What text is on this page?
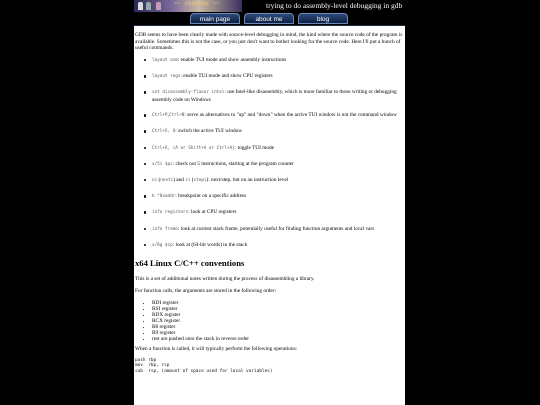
~~ chocobo ~~	trying to do assembly-level debugging in gdb
main page	about me	blog

GDB seems to have been clearly made with source-level debugging in mind, the kind where the source code of the program is available. Sometimes this is not the case, or you just don't want to bother looking for the source code. Here I'll put a bunch of useful commands.

layout asm: enable TUI mode and show assembly instructions
layout regs: enable TUI mode and show CPU registers
set disassembly-flavor intel: use Intel-like disassembly, which is more familiar to those writing or debugging assembly code on Windows
Ctrl+P,Ctrl+N: serve as alternatives to "up" and "down" when the active TUI window is not the command window
Ctrl+X, O: switch the active TUI window
Ctrl+X, (A or Shift+A or Ctrl+A): toggle TUI mode
x/5i $pc: check out 5 instructions, starting at the program counter
ni (nexti) and si (stepi): next/step, but on an instruction level
b *0xaddr: breakpoint on a specific address
info registers: look at CPU registers
info frame: look at current stack frame, potentially useful for finding function arguments and local vars
x/8g $sp: look at (64-bit words) in the stack
x64 Linux C/C++ conventions

This is a set of additional notes written during the process of disassembling a library.

For function calls, the arguments are stored in the following order:

• RDI register
• RSI register
• RDX register
• RCX register
• R8 register
• R9 register
• rest are pushed onto the stack in reverse order

When a function is called, it will typically perform the following operations:

push rbp
mov  rbp, rsp
sub  rsp, (amount of space used for local variables)
